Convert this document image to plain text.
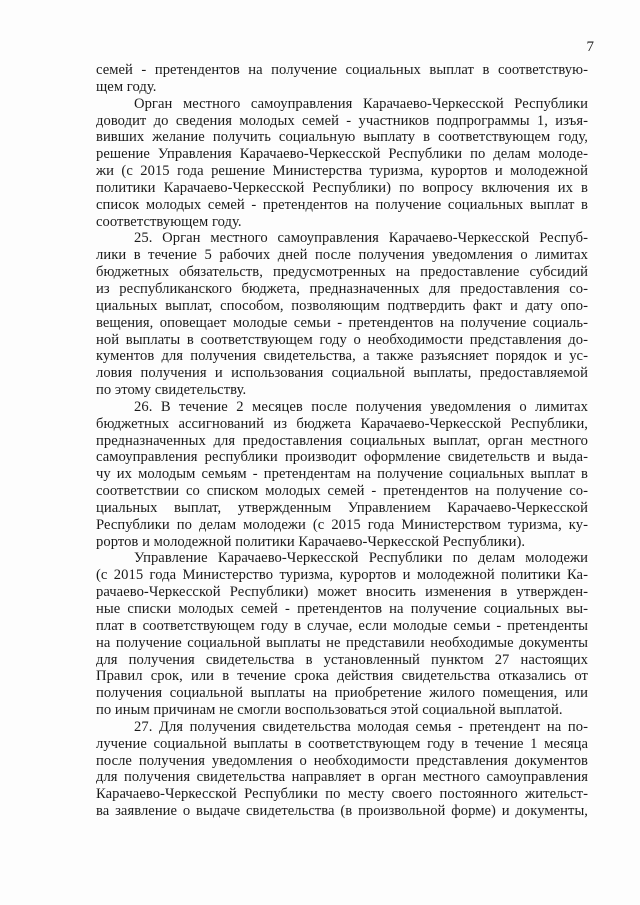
7
семей - претендентов на получение социальных выплат в соответствую-
щем году.
Орган местного самоуправления Карачаево-Черкесской Республики
доводит до сведения молодых семей - участников подпрограммы 1, изъя-
вивших желание получить социальную выплату в соответствующем году,
решение Управления Карачаево-Черкесской Республики по делам молоде-
жи (с 2015 года решение Министерства туризма, курортов и молодежной
политики Карачаево-Черкесской Республики) по вопросу включения их в
список молодых семей - претендентов на получение социальных выплат в
соответствующем году.
25. Орган местного самоуправления Карачаево-Черкесской Респуб-
лики в течение 5 рабочих дней после получения уведомления о лимитах
бюджетных обязательств, предусмотренных на предоставление субсидий
из республиканского бюджета, предназначенных для предоставления со-
циальных выплат, способом, позволяющим подтвердить факт и дату опо-
вещения, оповещает молодые семьи - претендентов на получение социаль-
ной выплаты в соответствующем году о необходимости представления до-
кументов для получения свидетельства, а также разъясняет порядок и ус-
ловия получения и использования социальной выплаты, предоставляемой
по этому свидетельству.
26. В течение 2 месяцев после получения уведомления о лимитах
бюджетных ассигнований из бюджета Карачаево-Черкесской Республики,
предназначенных для предоставления социальных выплат, орган местного
самоуправления республики производит оформление свидетельств и выда-
чу их молодым семьям - претендентам на получение социальных выплат в
соответствии со списком молодых семей - претендентов на получение со-
циальных выплат, утвержденным Управлением Карачаево-Черкесской
Республики по делам молодежи (с 2015 года Министерством туризма, ку-
рортов и молодежной политики Карачаево-Черкесской Республики).
Управление Карачаево-Черкесской Республики по делам молодежи
(с 2015 года Министерство туризма, курортов и молодежной политики Ка-
рачаево-Черкесской Республики) может вносить изменения в утвержден-
ные списки молодых семей - претендентов на получение социальных вы-
плат в соответствующем году в случае, если молодые семьи - претенденты
на получение социальной выплаты не представили необходимые документы
для получения свидетельства в установленный пунктом 27 настоящих
Правил срок, или в течение срока действия свидетельства отказались от
получения социальной выплаты на приобретение жилого помещения, или
по иным причинам не смогли воспользоваться этой социальной выплатой.
27. Для получения свидетельства молодая семья - претендент на по-
лучение социальной выплаты в соответствующем году в течение 1 месяца
после получения уведомления о необходимости представления документов
для получения свидетельства направляет в орган местного самоуправления
Карачаево-Черкесской Республики по месту своего постоянного жительст-
ва заявление о выдаче свидетельства (в произвольной форме) и документы,
